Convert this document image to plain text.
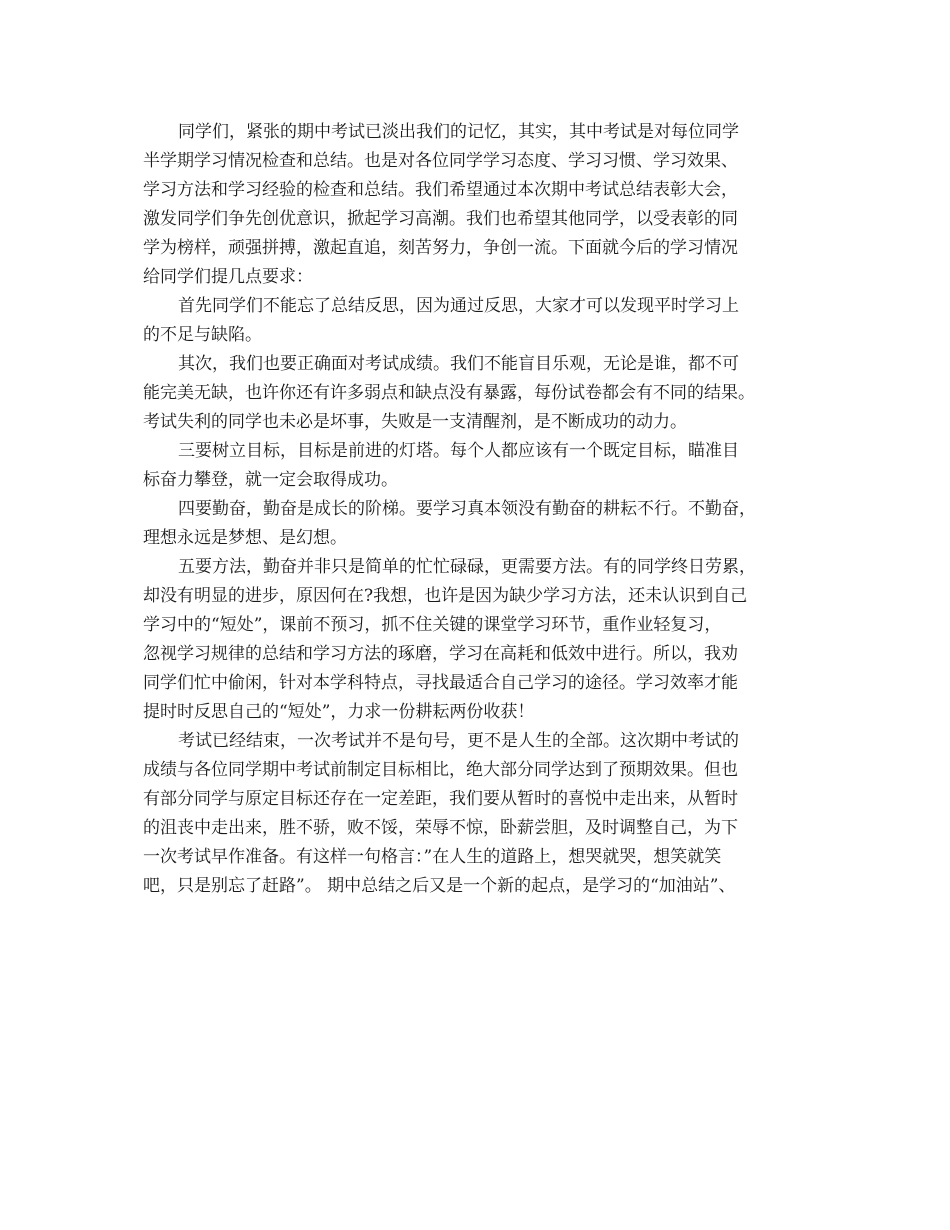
同学们，紧张的期中考试已淡出我们的记忆，其实，其中考试是对每位同学
半学期学习情况检查和总结。也是对各位同学学习态度、学习习惯、学习效果、
学习方法和学习经验的检查和总结。我们希望通过本次期中考试总结表彰大会，
激发同学们争先创优意识，掀起学习高潮。我们也希望其他同学，以受表彰的同
学为榜样，顽强拼搏，激起直追，刻苦努力，争创一流。下面就今后的学习情况
给同学们提几点要求：
首先同学们不能忘了总结反思，因为通过反思，大家才可以发现平时学习上
的不足与缺陷。
其次，我们也要正确面对考试成绩。我们不能盲目乐观，无论是谁，都不可
能完美无缺，也许你还有许多弱点和缺点没有暴露，每份试卷都会有不同的结果。
考试失利的同学也未必是坏事，失败是一支清醒剂，是不断成功的动力。
三要树立目标，目标是前进的灯塔。每个人都应该有一个既定目标，瞄准目
标奋力攀登，就一定会取得成功。
四要勤奋，勤奋是成长的阶梯。要学习真本领没有勤奋的耕耘不行。不勤奋，
理想永远是梦想、是幻想。
五要方法，勤奋并非只是简单的忙忙碌碌，更需要方法。有的同学终日劳累，
却没有明显的进步，原因何在?我想，也许是因为缺少学习方法，还未认识到自己
学习中的“短处”，课前不预习，抓不住关键的课堂学习环节，重作业轻复习，
忽视学习规律的总结和学习方法的琢磨，学习在高耗和低效中进行。所以，我劝
同学们忙中偷闲，针对本学科特点，寻找最适合自己学习的途径。学习效率才能
提时时反思自己的“短处”，力求一份耕耘两份收获！
考试已经结束，一次考试并不是句号，更不是人生的全部。这次期中考试的
成绩与各位同学期中考试前制定目标相比，绝大部分同学达到了预期效果。但也
有部分同学与原定目标还存在一定差距，我们要从暂时的喜悦中走出来，从暂时
的沮丧中走出来，胜不骄，败不馁，荣辱不惊，卧薪尝胆，及时调整自己，为下
一次考试早作准备。有这样一句格言：”在人生的道路上，想哭就哭，想笑就笑
吧，只是别忘了赶路”。 期中总结之后又是一个新的起点，是学习的“加油站”、
